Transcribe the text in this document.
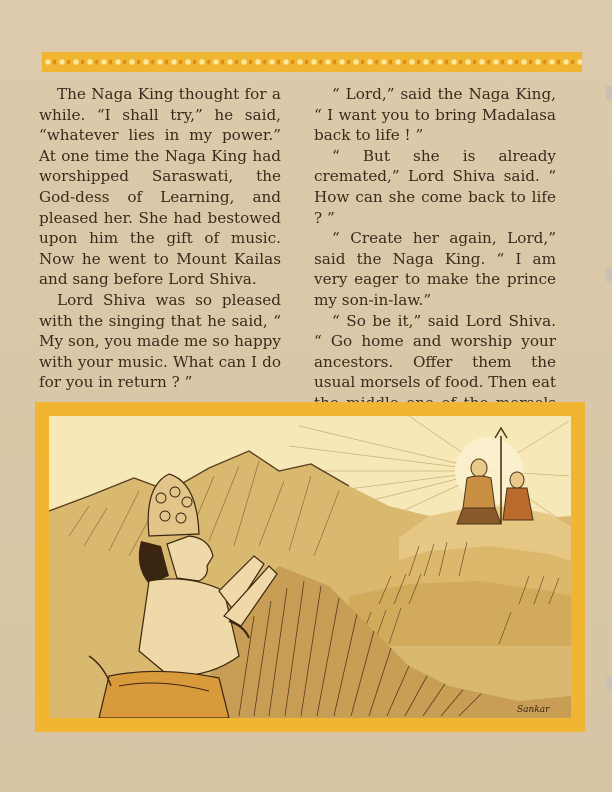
The Naga King thought for a while. “I shall try,” he said, “whatever lies in my power.” At one time the Naga King had worshipped Saraswati, the God-dess of Learning, and pleased her. She had bestowed upon him the gift of music. Now he went to Mount Kailas and sang before Lord Shiva.

Lord Shiva was so pleased with the singing that he said, “ My son, you made me so happy with your music. What can I do for you in return ? ”

“ Lord,” said the Naga King, “ I want you to bring Madalasa back to life ! ”

“ But she is already cremated,” Lord Shiva said. “ How can she come back to life ? ”

“ Create her again, Lord,” said the Naga King. “ I am very eager to make the prince my son-in-law.”

“ So be it,” said Lord Shiva. “ Go home and worship your ancestors. Offer them the usual morsels of food. Then eat

Sankar
